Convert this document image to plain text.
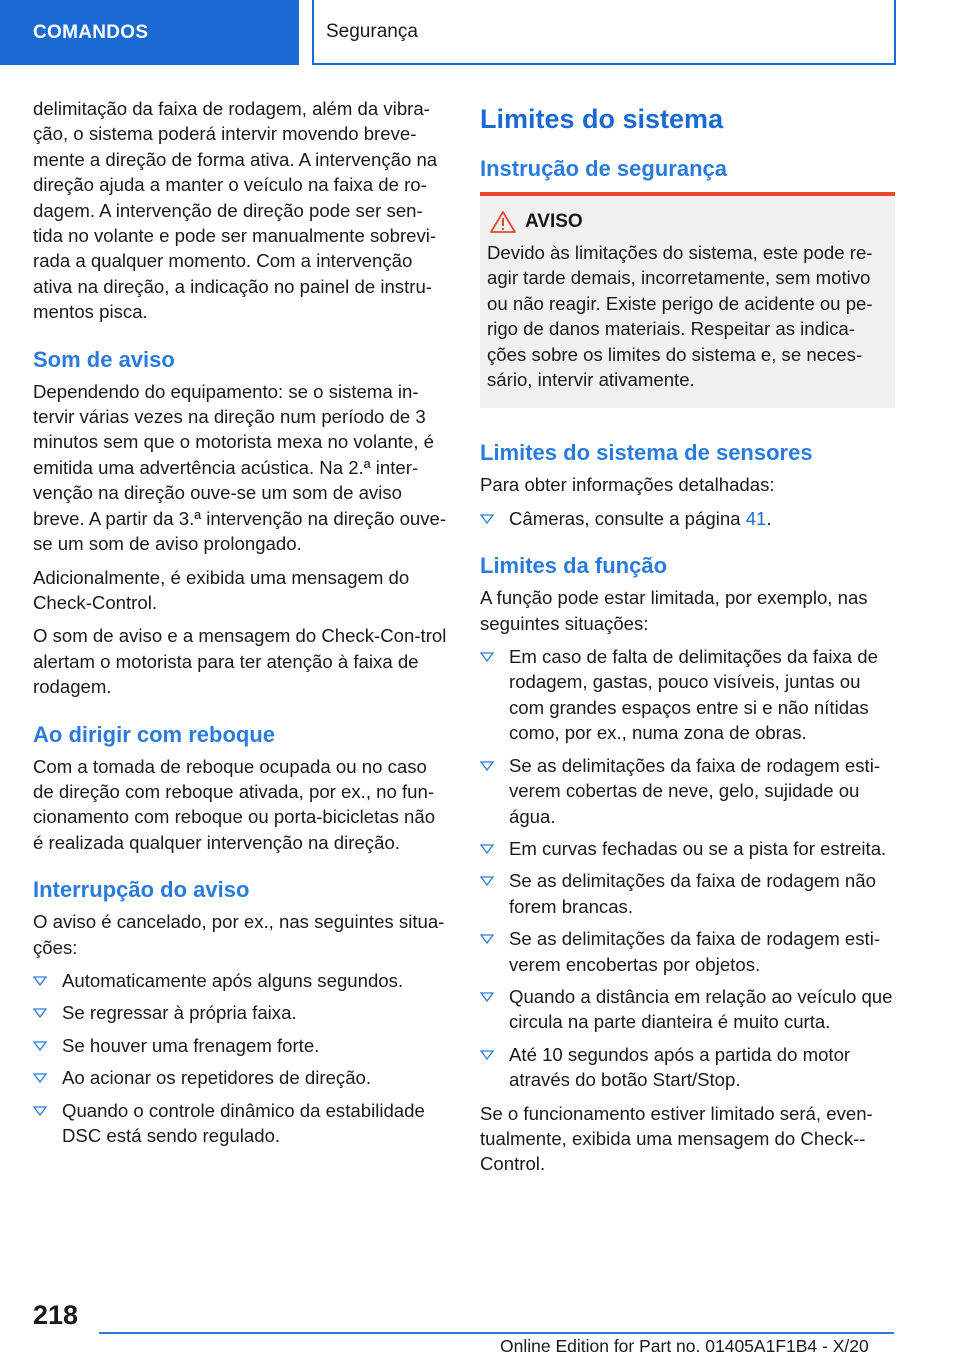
COMANDOS	Segurança

delimitação da faixa de rodagem, além da vibra-ção, o sistema poderá intervir movendo breve-mente a direção de forma ativa. A intervenção na direção ajuda a manter o veículo na faixa de ro-dagem. A intervenção de direção pode ser sen-tida no volante e pode ser manualmente sobrevi-rada a qualquer momento. Com a intervenção ativa na direção, a indicação no painel de instru-mentos pisca.

Som de aviso

Dependendo do equipamento: se o sistema in-tervir várias vezes na direção num período de 3 minutos sem que o motorista mexa no volante, é emitida uma advertência acústica. Na 2.ª inter-venção na direção ouve-se um som de aviso breve. A partir da 3.ª intervenção na direção ouve-se um som de aviso prolongado.

Adicionalmente, é exibida uma mensagem do Check-Control.

O som de aviso e a mensagem do Check-Con-trol alertam o motorista para ter atenção à faixa de rodagem.

Ao dirigir com reboque

Com a tomada de reboque ocupada ou no caso de direção com reboque ativada, por ex., no fun-cionamento com reboque ou porta-bicicletas não é realizada qualquer intervenção na direção.

Interrupção do aviso

O aviso é cancelado, por ex., nas seguintes situa-ções:

Automaticamente após alguns segundos.
Se regressar à própria faixa.
Se houver uma frenagem forte.
Ao acionar os repetidores de direção.
Quando o controle dinâmico da estabilidade DSC está sendo regulado.
Limites do sistema
Instrução de segurança
AVISO

Devido às limitações do sistema, este pode re-agir tarde demais, incorretamente, sem motivo ou não reagir. Existe perigo de acidente ou pe-rigo de danos materiais. Respeitar as indica-ções sobre os limites do sistema e, se neces-sário, intervir ativamente.

Limites do sistema de sensores

Para obter informações detalhadas:

Câmeras, consulte a página 41.
Limites da função

A função pode estar limitada, por exemplo, nas seguintes situações:

Em caso de falta de delimitações da faixa de rodagem, gastas, pouco visíveis, juntas ou com grandes espaços entre si e não nítidas como, por ex., numa zona de obras.
Se as delimitações da faixa de rodagem esti-verem cobertas de neve, gelo, sujidade ou água.
Em curvas fechadas ou se a pista for estreita.
Se as delimitações da faixa de rodagem não forem brancas.
Se as delimitações da faixa de rodagem esti-verem encobertas por objetos.
Quando a distância em relação ao veículo que circula na parte dianteira é muito curta.
Até 10 segundos após a partida do motor através do botão Start/Stop.

Se o funcionamento estiver limitado será, even-tualmente, exibida uma mensagem do Check--Control.

218
Online Edition for Part no. 01405A1F1B4 - X/20
